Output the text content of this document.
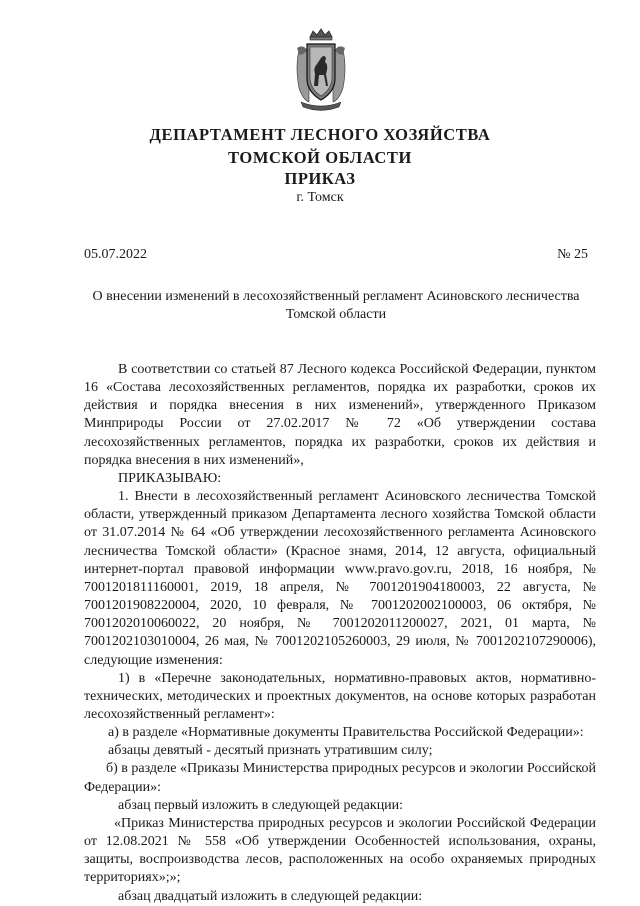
ДЕПАРТАМЕНТ ЛЕСНОГО ХОЗЯЙСТВА
ТОМСКОЙ ОБЛАСТИ
ПРИКАЗ
г. Томск
05.07.2022	№ 25
О внесении изменений в лесохозяйственный регламент Асиновского лесничества
Томской области

В соответствии со статьей 87 Лесного кодекса Российской Федерации, пунктом 16 «Состава лесохозяйственных регламентов, порядка их разработки, сроков их действия и порядка внесения в них изменений», утвержденного Приказом Минприроды России от 27.02.2017 № 72 «Об утверждении состава лесохозяйственных регламентов, порядка их разработки, сроков их действия и порядка внесения в них изменений»,

ПРИКАЗЫВАЮ:

1. Внести в лесохозяйственный регламент Асиновского лесничества Томской области, утвержденный приказом Департамента лесного хозяйства Томской области от 31.07.2014 № 64 «Об утверждении лесохозяйственного регламента Асиновского лесничества Томской области» (Красное знамя, 2014, 12 августа, официальный интернет-портал правовой информации www.pravo.gov.ru, 2018, 16 ноября, № 7001201811160001, 2019, 18 апреля, № 7001201904180003, 22 августа, № 7001201908220004, 2020, 10 февраля, № 7001202002100003, 06 октября, № 7001202010060022, 20 ноября, № 7001202011200027, 2021, 01 марта, № 7001202103010004, 26 мая, № 7001202105260003, 29 июля, № 7001202107290006), следующие изменения:

1) в «Перечне законодательных, нормативно-правовых актов, нормативно-технических, методических и проектных документов, на основе которых разработан лесохозяйственный регламент»:

а) в разделе «Нормативные документы Правительства Российской Федерации»:

абзацы девятый - десятый признать утратившим силу;

б) в разделе «Приказы Министерства природных ресурсов и экологии Российской Федерации»:

абзац первый изложить в следующей редакции:

«Приказ Министерства природных ресурсов и экологии Российской Федерации от 12.08.2021 № 558 «Об утверждении Особенностей использования, охраны, защиты, воспроизводства лесов, расположенных на особо охраняемых природных территориях»;»;

абзац двадцатый изложить в следующей редакции:
